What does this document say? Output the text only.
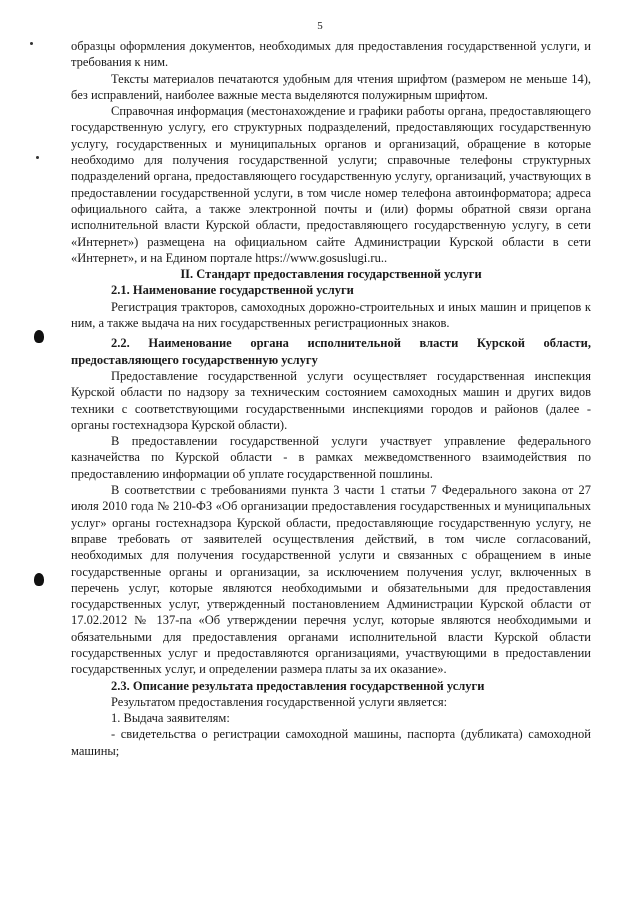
5

образцы оформления документов, необходимых для предоставления государственной услуги, и требования к ним.

Тексты материалов печатаются удобным для чтения шрифтом (размером не меньше 14), без исправлений, наиболее важные места выделяются полужирным шрифтом.

Справочная информация (местонахождение и графики работы органа, предоставляющего государственную услугу, его структурных подразделений, предоставляющих государственную услугу, государственных и муниципальных органов и организаций, обращение в которые необходимо для получения государственной услуги; справочные телефоны структурных подразделений органа, предоставляющего государственную услугу, организаций, участвующих в предоставлении государственной услуги, в том числе номер телефона автоинформатора; адреса официального сайта, а также электронной почты и (или) формы обратной связи органа исполнительной власти Курской области, предоставляющего государственную услугу, в сети «Интернет») размещена на официальном сайте Администрации Курской области в сети «Интернет», и на Едином портале https://www.gosuslugi.ru..

II. Стандарт предоставления государственной услуги

2.1. Наименование государственной услуги

Регистрация тракторов, самоходных дорожно-строительных и иных машин и прицепов к ним, а также выдача на них государственных регистрационных знаков.

2.2. Наименование органа исполнительной власти Курской области, предоставляющего государственную услугу

Предоставление государственной услуги осуществляет государственная инспекция Курской области по надзору за техническим состоянием самоходных машин и других видов техники с соответствующими государственными инспекциями городов и районов (далее - органы гостехнадзора Курской области).

В предоставлении государственной услуги участвует управление федерального казначейства по Курской области - в рамках межведомственного взаимодействия по предоставлению информации об уплате государственной пошлины.

В соответствии с требованиями пункта 3 части 1 статьи 7 Федерального закона от 27 июля 2010 года № 210-ФЗ «Об организации предоставления государственных и муниципальных услуг» органы гостехнадзора Курской области, предоставляющие государственную услугу, не вправе требовать от заявителей осуществления действий, в том числе согласований, необходимых для получения государственной услуги и связанных с обращением в иные государственные органы и организации, за исключением получения услуг, включенных в перечень услуг, которые являются необходимыми и обязательными для предоставления государственных услуг, утвержденный постановлением Администрации Курской области от 17.02.2012 № 137-па «Об утверждении перечня услуг, которые являются необходимыми и обязательными для предоставления органами исполнительной власти Курской области государственных услуг и предоставляются организациями, участвующими в предоставлении государственных услуг, и определении размера платы за их оказание».

2.3. Описание результата предоставления государственной услуги

Результатом предоставления государственной услуги является:

1. Выдача заявителям:

- свидетельства о регистрации самоходной машины, паспорта (дубликата) самоходной машины;
